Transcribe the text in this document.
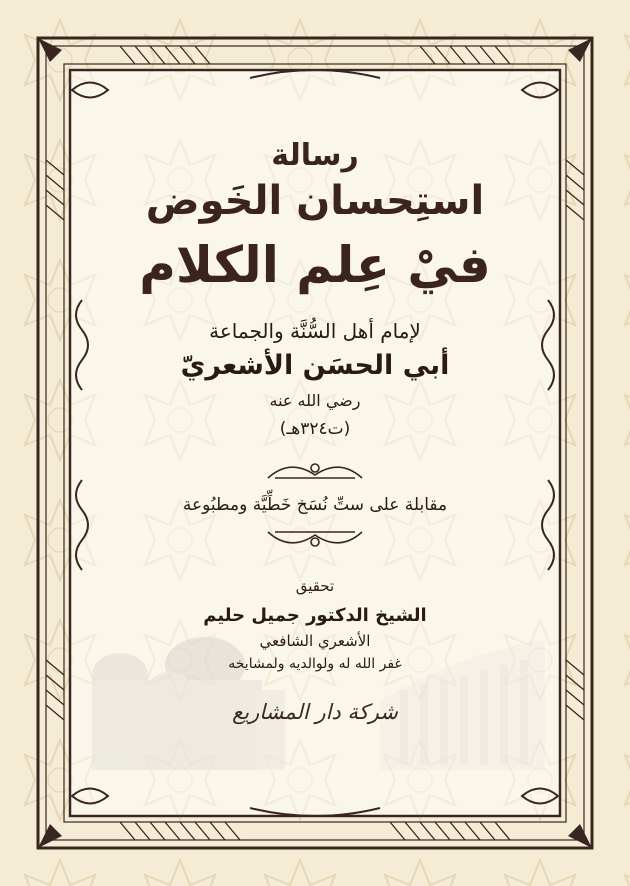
رسالة
استِحسان الخَوض
فيْ عِلم الكلام
لإمام أهل السُّنَّة والجماعة
أبي الحسَن الأشعريّ
رضي الله عنه
(ت٣٢٤هـ)
مقابلة على ستِّ نُسَخ خَطِّيَّة ومطبُوعة
تحقيق
الشيخ الدكتور جميل حليم
الأشعري الشافعي
غفر الله له ولوالديه ولمشايخه
شركة دار المشاريع
